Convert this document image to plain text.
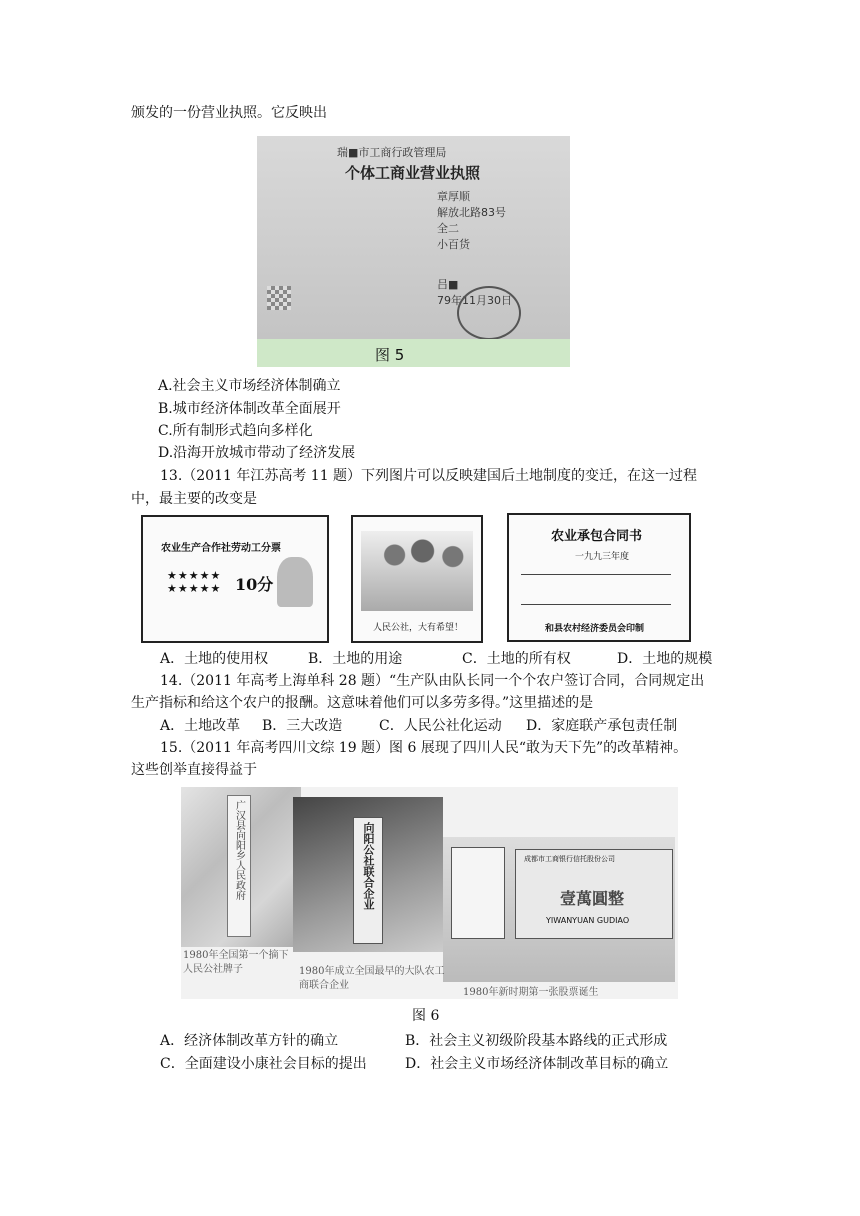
颁发的一份营业执照。它反映出
瑞■市工商行政管理局
个体工商业营业执照
章厚顺
解放北路83号
全二
小百货
吕■
79年11月30日
图 5
A.社会主义市场经济体制确立
B.城市经济体制改革全面展开
C.所有制形式趋向多样化
D.沿海开放城市带动了经济发展
13.（2011 年江苏高考 11 题）下列图片可以反映建国后土地制度的变迁，在这一过程
中，最主要的改变是
农业生产合作社劳动工分票
★★★★★
★★★★★ 10分
人民公社，大有希望！
农业承包合同书
一九九三年度
和县农村经济委员会印制
A．土地的使用权	B．土地的用途	C．土地的所有权	D．土地的规模
14.（2011 年高考上海单科 28 题）“生产队由队长同一个个农户签订合同，合同规定出
生产指标和给这个农户的报酬。这意味着他们可以多劳多得。”这里描述的是
A．土地改革 B．三大改造	C．人民公社化运动 D．家庭联产承包责任制
15.（2011 年高考四川文综 19 题）图 6 展现了四川人民“敢为天下先”的改革精神。
这些创举直接得益于
广汉县向阳乡人民政府	向阳公社联合企业	成都市工商银行信托股份公司
壹萬圓整
YIWANYUAN GUDIAO
1980年全国第一个摘下人民公社牌子	1980年成立全国最早的大队农工商联合企业
1980年新时期第一张股票诞生
图 6
A．经济体制改革方针的确立	B．社会主义初级阶段基本路线的正式形成
C．全面建设小康社会目标的提出	D．社会主义市场经济体制改革目标的确立
